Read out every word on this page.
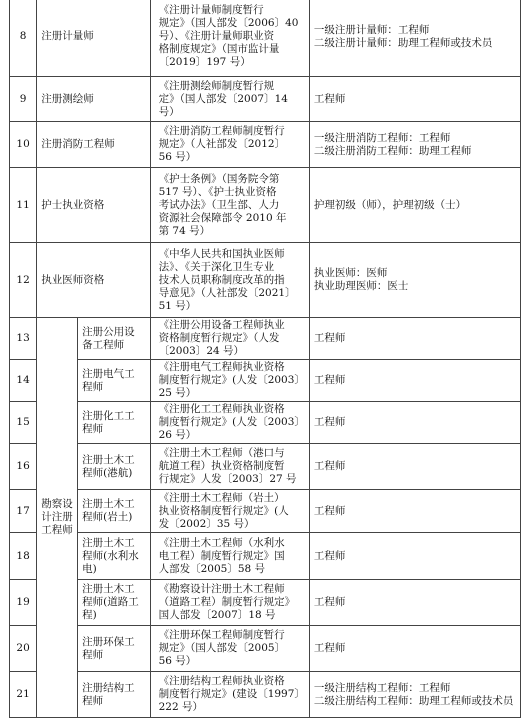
8	注册计量师		《注册计量师制度暂行
规定》（国人部发〔2006〕40
号）、《注册计量师职业资
格制度规定》（国市监计量
〔2019〕197 号）	一级注册计量师：工程师
二级注册计量师：助理工程师或技术员

9	注册测绘师		《注册测绘师制度暂行规
定》（国人部发〔2007〕14
号）	工程师

10	注册消防工程师		《注册消防工程师制度暂行
规定》（人社部发〔2012〕
56 号）	一级注册消防工程师：工程师
二级注册消防工程师：助理工程师

11	护士执业资格		《护士条例》（国务院令第
517 号）、《护士执业资格
考试办法》（卫生部、人力
资源社会保障部令 2010 年
第 74 号）	护理初级（师），护理初级（士）

12	执业医师资格		《中华人民共和国执业医师
法》、《关于深化卫生专业
技术人员职称制度改革的指
导意见》（人社部发〔2021〕
51 号）	执业医师：医师
执业助理医师：医士

13	勘察设
计注册
工程师	注册公用设
备工程师	《注册公用设备工程师执业
资格制度暂行规定》（人发
〔2003〕24 号）	工程师

14		注册电气工
程师	《注册电气工程师执业资格
制度暂行规定》(人发〔2003〕
25 号）	工程师

15		注册化工工
程师	《注册化工工程师执业资格
制度暂行规定》(人发〔2003〕
26 号）	工程师

16		注册土木工
程师(港航)	《注册土木工程师（港口与
航道工程）执业资格制度暂
行规定》人发〔2003〕27 号	工程师

17		注册土木工
程师(岩土)	《注册土木工程师（岩土）
执业资格制度暂行规定》(人
发〔2002〕35 号）	工程师

18		注册土木工
程师(水利水
电)	《注册土木工程师（水利水
电工程）制度暂行规定》国
人部发〔2005〕58 号	工程师

19		注册土木工
程师(道路工
程)	《勘察设计注册土木工程师
（道路工程）制度暂行规定》
国人部发〔2007〕18 号	工程师

20		注册环保工
程师	《注册环保工程师制度暂行
规定》（国人部发〔2005〕
56 号）	工程师

21		注册结构工
程师	《注册结构工程师执业资格
制度暂行规定》(建设〔1997〕
222 号）	一级注册结构工程师：工程师
二级注册结构工程师：助理工程师或技术员
